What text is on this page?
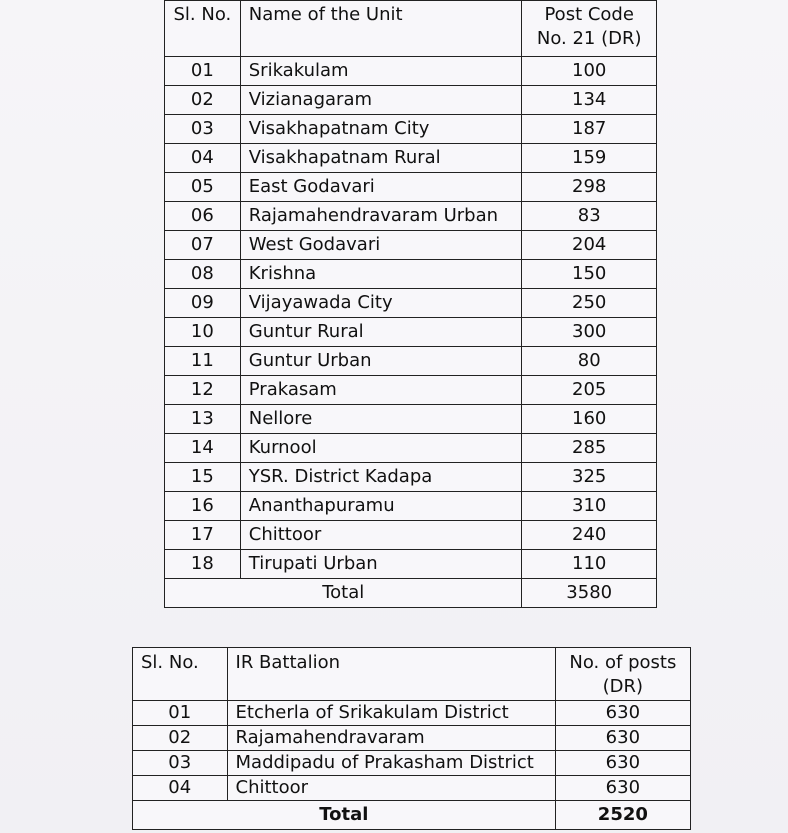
Sl. No.	Name of the Unit	Post Code
No. 21 (DR)

01	Srikakulam	100
02	Vizianagaram	134
03	Visakhapatnam City	187
04	Visakhapatnam Rural	159
05	East Godavari	298
06	Rajamahendravaram Urban	83
07	West Godavari	204
08	Krishna	150
09	Vijayawada City	250
10	Guntur Rural	300
11	Guntur Urban	80
12	Prakasam	205
13	Nellore	160
14	Kurnool	285
15	YSR. District Kadapa	325
16	Ananthapuramu	310
17	Chittoor	240
18	Tirupati Urban	110
Total		3580
Sl. No.	IR Battalion	No. of posts
(DR)

01	Etcherla of Srikakulam District	630
02	Rajamahendravaram	630
03	Maddipadu of Prakasham District	630
04	Chittoor	630
Total		2520
